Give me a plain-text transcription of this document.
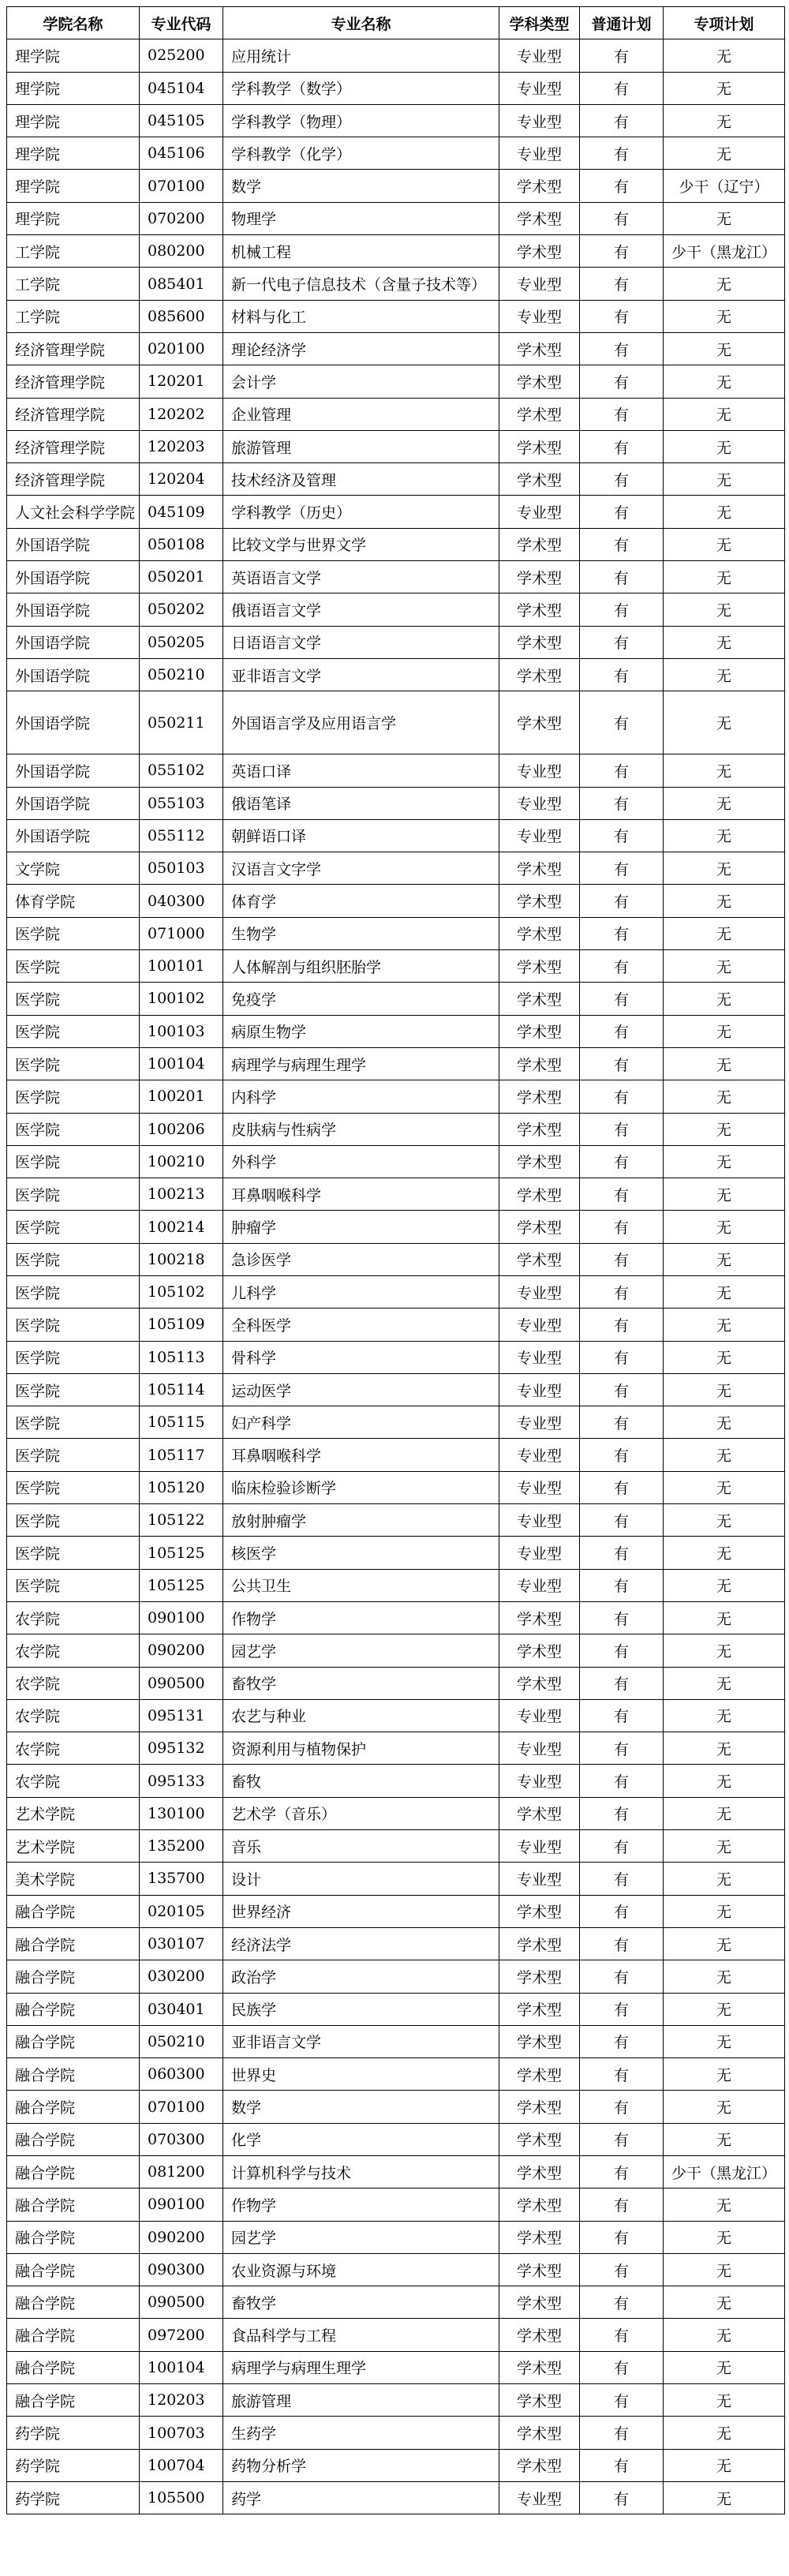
学院名称	专业代码	专业名称	学科类型	普通计划	专项计划
理学院	025200	应用统计	专业型	有	无
理学院	045104	学科教学（数学）	专业型	有	无
理学院	045105	学科教学（物理）	专业型	有	无
理学院	045106	学科教学（化学）	专业型	有	无
理学院	070100	数学	学术型	有	少干（辽宁）
理学院	070200	物理学	学术型	有	无
工学院	080200	机械工程	学术型	有	少干（黑龙江）
工学院	085401	新一代电子信息技术（含量子技术等）	专业型	有	无
工学院	085600	材料与化工	专业型	有	无
经济管理学院	020100	理论经济学	学术型	有	无
经济管理学院	120201	会计学	学术型	有	无
经济管理学院	120202	企业管理	学术型	有	无
经济管理学院	120203	旅游管理	学术型	有	无
经济管理学院	120204	技术经济及管理	学术型	有	无
人文社会科学学院	045109	学科教学（历史）	专业型	有	无
外国语学院	050108	比较文学与世界文学	学术型	有	无
外国语学院	050201	英语语言文学	学术型	有	无
外国语学院	050202	俄语语言文学	学术型	有	无
外国语学院	050205	日语语言文学	学术型	有	无
外国语学院	050210	亚非语言文学	学术型	有	无
外国语学院	050211	外国语言学及应用语言学	学术型	有	无
外国语学院	055102	英语口译	专业型	有	无
外国语学院	055103	俄语笔译	专业型	有	无
外国语学院	055112	朝鲜语口译	专业型	有	无
文学院	050103	汉语言文字学	学术型	有	无
体育学院	040300	体育学	学术型	有	无
医学院	071000	生物学	学术型	有	无
医学院	100101	人体解剖与组织胚胎学	学术型	有	无
医学院	100102	免疫学	学术型	有	无
医学院	100103	病原生物学	学术型	有	无
医学院	100104	病理学与病理生理学	学术型	有	无
医学院	100201	内科学	学术型	有	无
医学院	100206	皮肤病与性病学	学术型	有	无
医学院	100210	外科学	学术型	有	无
医学院	100213	耳鼻咽喉科学	学术型	有	无
医学院	100214	肿瘤学	学术型	有	无
医学院	100218	急诊医学	学术型	有	无
医学院	105102	儿科学	专业型	有	无
医学院	105109	全科医学	专业型	有	无
医学院	105113	骨科学	专业型	有	无
医学院	105114	运动医学	专业型	有	无
医学院	105115	妇产科学	专业型	有	无
医学院	105117	耳鼻咽喉科学	专业型	有	无
医学院	105120	临床检验诊断学	专业型	有	无
医学院	105122	放射肿瘤学	专业型	有	无
医学院	105125	核医学	专业型	有	无
医学院	105125	公共卫生	专业型	有	无
农学院	090100	作物学	学术型	有	无
农学院	090200	园艺学	学术型	有	无
农学院	090500	畜牧学	学术型	有	无
农学院	095131	农艺与种业	专业型	有	无
农学院	095132	资源利用与植物保护	专业型	有	无
农学院	095133	畜牧	专业型	有	无
艺术学院	130100	艺术学（音乐）	学术型	有	无
艺术学院	135200	音乐	专业型	有	无
美术学院	135700	设计	专业型	有	无
融合学院	020105	世界经济	学术型	有	无
融合学院	030107	经济法学	学术型	有	无
融合学院	030200	政治学	学术型	有	无
融合学院	030401	民族学	学术型	有	无
融合学院	050210	亚非语言文学	学术型	有	无
融合学院	060300	世界史	学术型	有	无
融合学院	070100	数学	学术型	有	无
融合学院	070300	化学	学术型	有	无
融合学院	081200	计算机科学与技术	学术型	有	少干（黑龙江）
融合学院	090100	作物学	学术型	有	无
融合学院	090200	园艺学	学术型	有	无
融合学院	090300	农业资源与环境	学术型	有	无
融合学院	090500	畜牧学	学术型	有	无
融合学院	097200	食品科学与工程	学术型	有	无
融合学院	100104	病理学与病理生理学	学术型	有	无
融合学院	120203	旅游管理	学术型	有	无
药学院	100703	生药学	学术型	有	无
药学院	100704	药物分析学	学术型	有	无
药学院	105500	药学	专业型	有	无
